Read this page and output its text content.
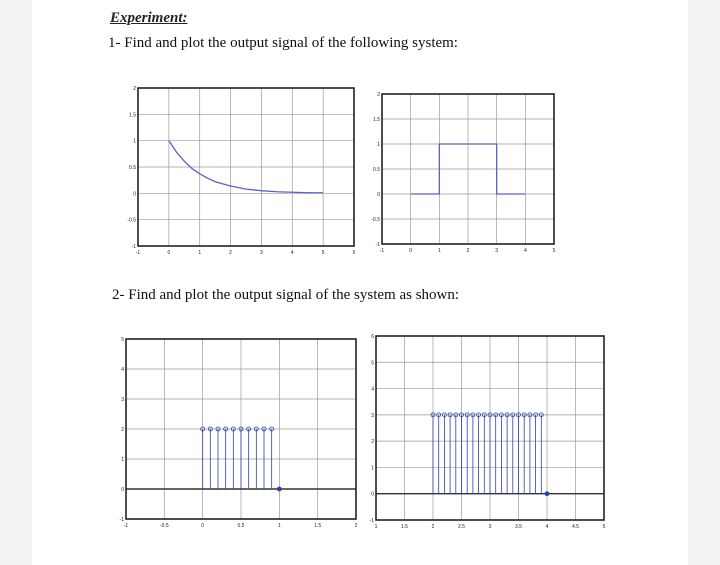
Experiment:

1- Find and plot the output signal of the following system:

2- Find and plot the output signal of the system as shown:

-1	0	1	2	3	4	5	6
-1
-0.5
0
0.5
1
1.5
2
-1	0	1	2	3	4	5
-1
-0.5
0
0.5
1
1.5
2
-1	-0.5	0	0.5	1	1.5	2
-1
0
1
2
3
4
5
1	1.5	2	2.5	3	3.5	4	4.5	5
-1
0
1
2
3
4
5
6
